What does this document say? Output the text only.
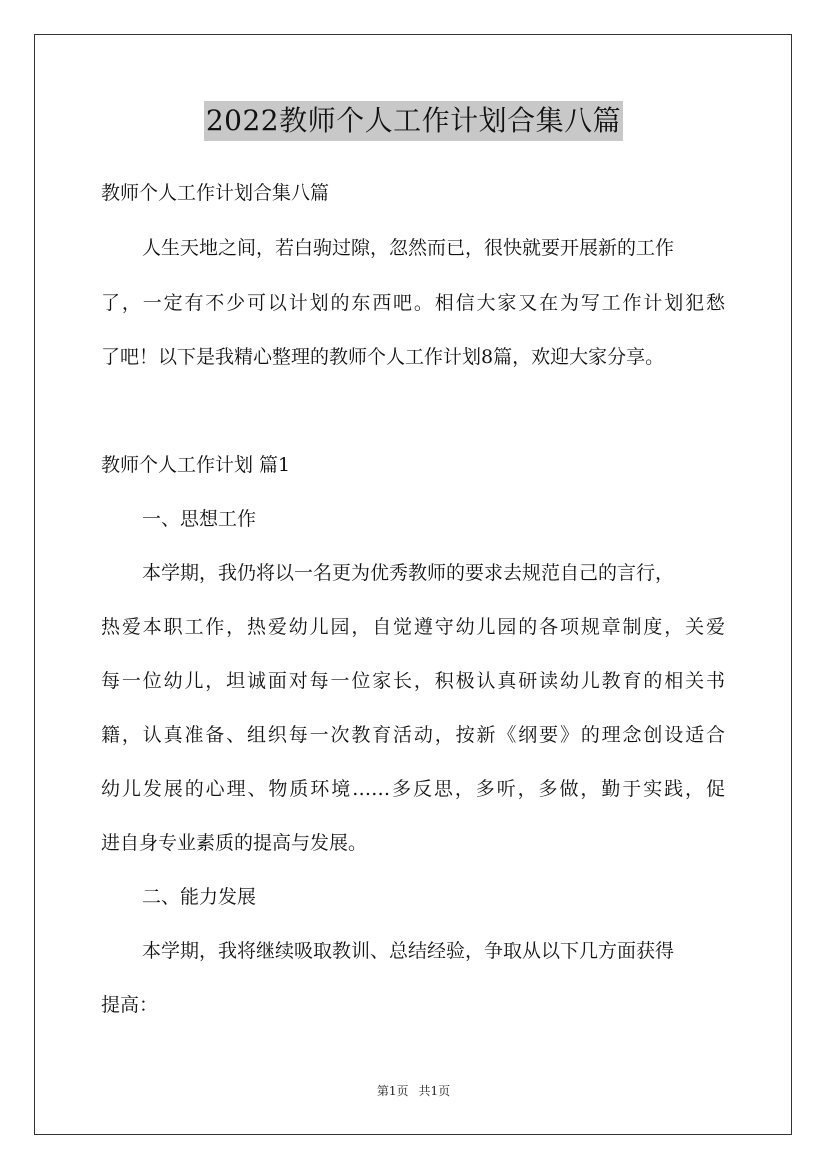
2022教师个人工作计划合集八篇
教师个人工作计划合集八篇
人生天地之间，若白驹过隙，忽然而已，很快就要开展新的工作
了，一定有不少可以计划的东西吧。相信大家又在为写工作计划犯愁
了吧！以下是我精心整理的教师个人工作计划8篇，欢迎大家分享。
教师个人工作计划 篇1
一、思想工作
本学期，我仍将以一名更为优秀教师的要求去规范自己的言行，
热爱本职工作，热爱幼儿园，自觉遵守幼儿园的各项规章制度，关爱
每一位幼儿，坦诚面对每一位家长，积极认真研读幼儿教育的相关书
籍，认真准备、组织每一次教育活动，按新《纲要》的理念创设适合
幼儿发展的心理、物质环境……多反思，多听，多做，勤于实践，促
进自身专业素质的提高与发展。
二、能力发展
本学期，我将继续吸取教训、总结经验，争取从以下几方面获得
提高：
第1页 共1页
